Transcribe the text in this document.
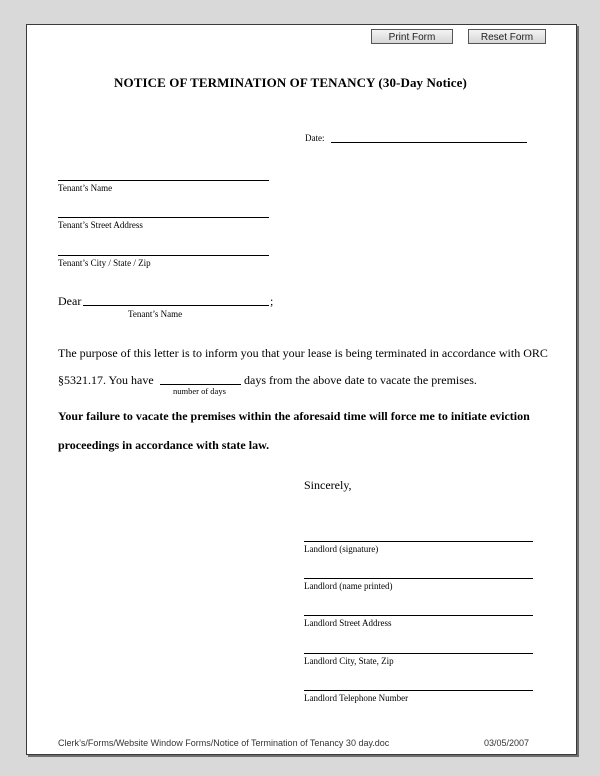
Print Form	Reset Form
NOTICE OF TERMINATION OF TENANCY (30-Day Notice)
Date:
Tenant’s Name
Tenant’s Street Address
Tenant’s City / State / Zip
Dear	;
Tenant’s Name
The purpose of this letter is to inform you that your lease is being terminated in accordance with ORC
§5321.17. You have	days from the above date to vacate the premises.
number of days
Your failure to vacate the premises within the aforesaid time will force me to initiate eviction
proceedings in accordance with state law.
Sincerely,
Landlord (signature)
Landlord (name printed)
Landlord Street Address
Landlord City, State, Zip
Landlord Telephone Number
Clerk’s/Forms/Website Window Forms/Notice of Termination of Tenancy 30 day.doc	03/05/2007
